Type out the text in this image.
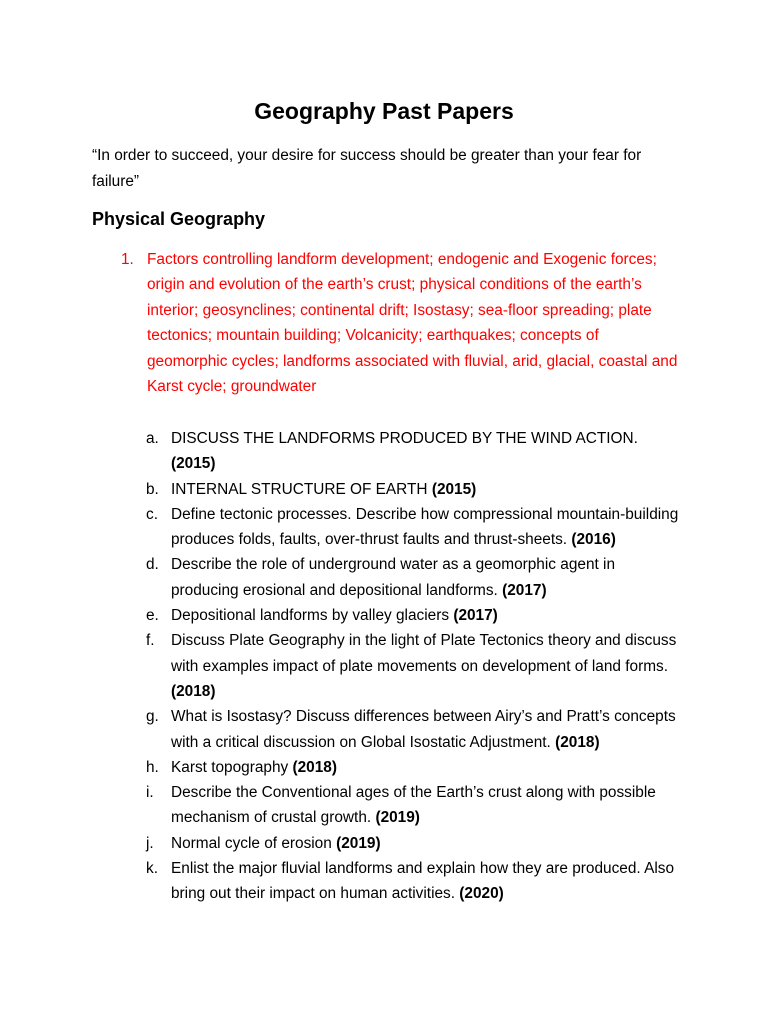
Geography Past Papers
“In order to succeed, your desire for success should be greater than your fear for failure”
Physical Geography
1. Factors controlling landform development; endogenic and Exogenic forces; origin and evolution of the earth’s crust; physical conditions of the earth’s interior; geosynclines; continental drift; Isostasy; sea-floor spreading; plate tectonics; mountain building; Volcanicity; earthquakes; concepts of geomorphic cycles; landforms associated with fluvial, arid, glacial, coastal and Karst cycle; groundwater
a. DISCUSS THE LANDFORMS PRODUCED BY THE WIND ACTION. (2015)
b. INTERNAL STRUCTURE OF EARTH (2015)
c. Define tectonic processes. Describe how compressional mountain-building produces folds, faults, over-thrust faults and thrust-sheets. (2016)
d. Describe the role of underground water as a geomorphic agent in producing erosional and depositional landforms. (2017)
e. Depositional landforms by valley glaciers (2017)
f. Discuss Plate Geography in the light of Plate Tectonics theory and discuss with examples impact of plate movements on development of land forms. (2018)
g. What is Isostasy? Discuss differences between Airy’s and Pratt’s concepts with a critical discussion on Global Isostatic Adjustment. (2018)
h. Karst topography (2018)
i. Describe the Conventional ages of the Earth’s crust along with possible mechanism of crustal growth. (2019)
j. Normal cycle of erosion (2019)
k. Enlist the major fluvial landforms and explain how they are produced. Also bring out their impact on human activities. (2020)
